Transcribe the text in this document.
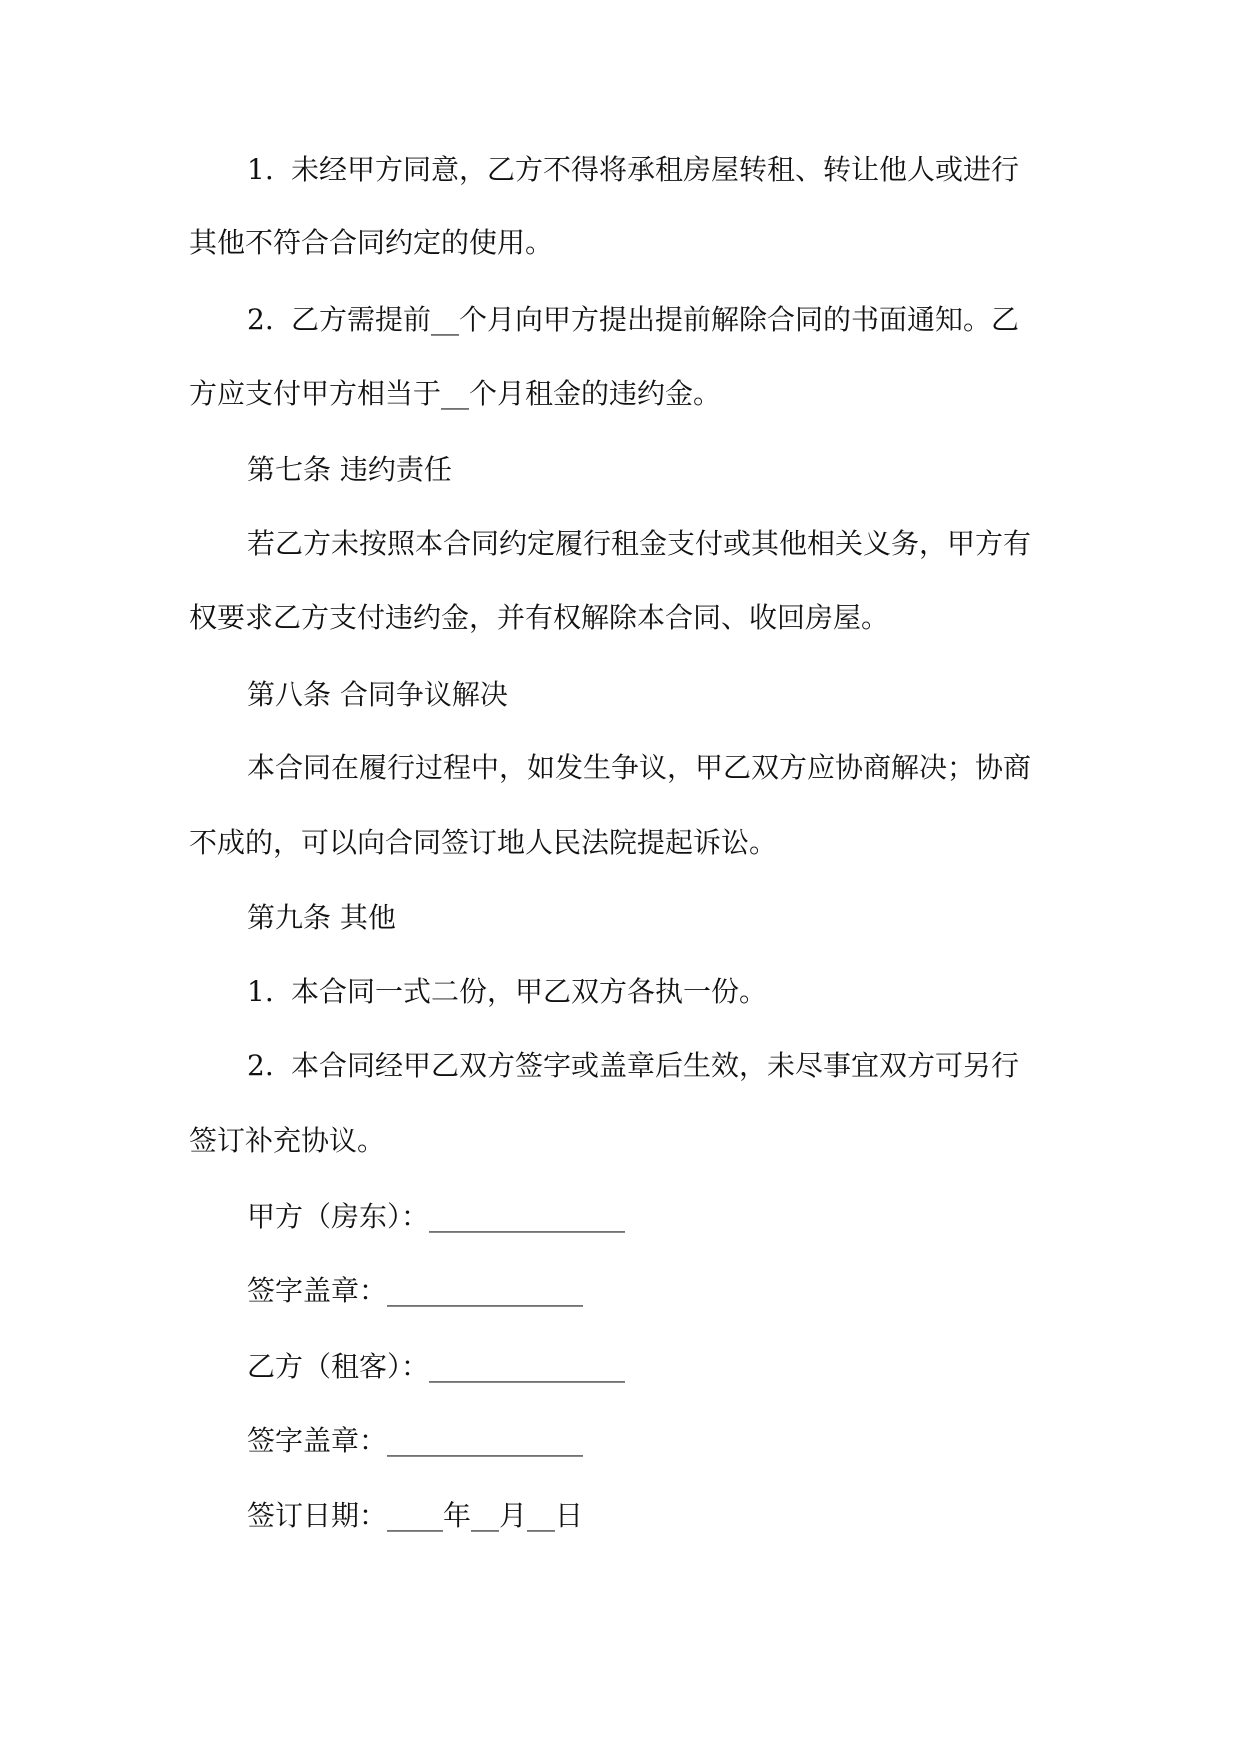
1. 未经甲方同意，乙方不得将承租房屋转租、转让他人或进行
其他不符合合同约定的使用。
2. 乙方需提前__个月向甲方提出提前解除合同的书面通知。乙
方应支付甲方相当于__个月租金的违约金。
第七条 违约责任
若乙方未按照本合同约定履行租金支付或其他相关义务，甲方有
权要求乙方支付违约金，并有权解除本合同、收回房屋。
第八条 合同争议解决
本合同在履行过程中，如发生争议，甲乙双方应协商解决；协商
不成的，可以向合同签订地人民法院提起诉讼。
第九条 其他
1. 本合同一式二份，甲乙双方各执一份。
2. 本合同经甲乙双方签字或盖章后生效，未尽事宜双方可另行
签订补充协议。
甲方（房东）：______________
签字盖章：______________
乙方（租客）：______________
签字盖章：______________
签订日期：____年__月__日
